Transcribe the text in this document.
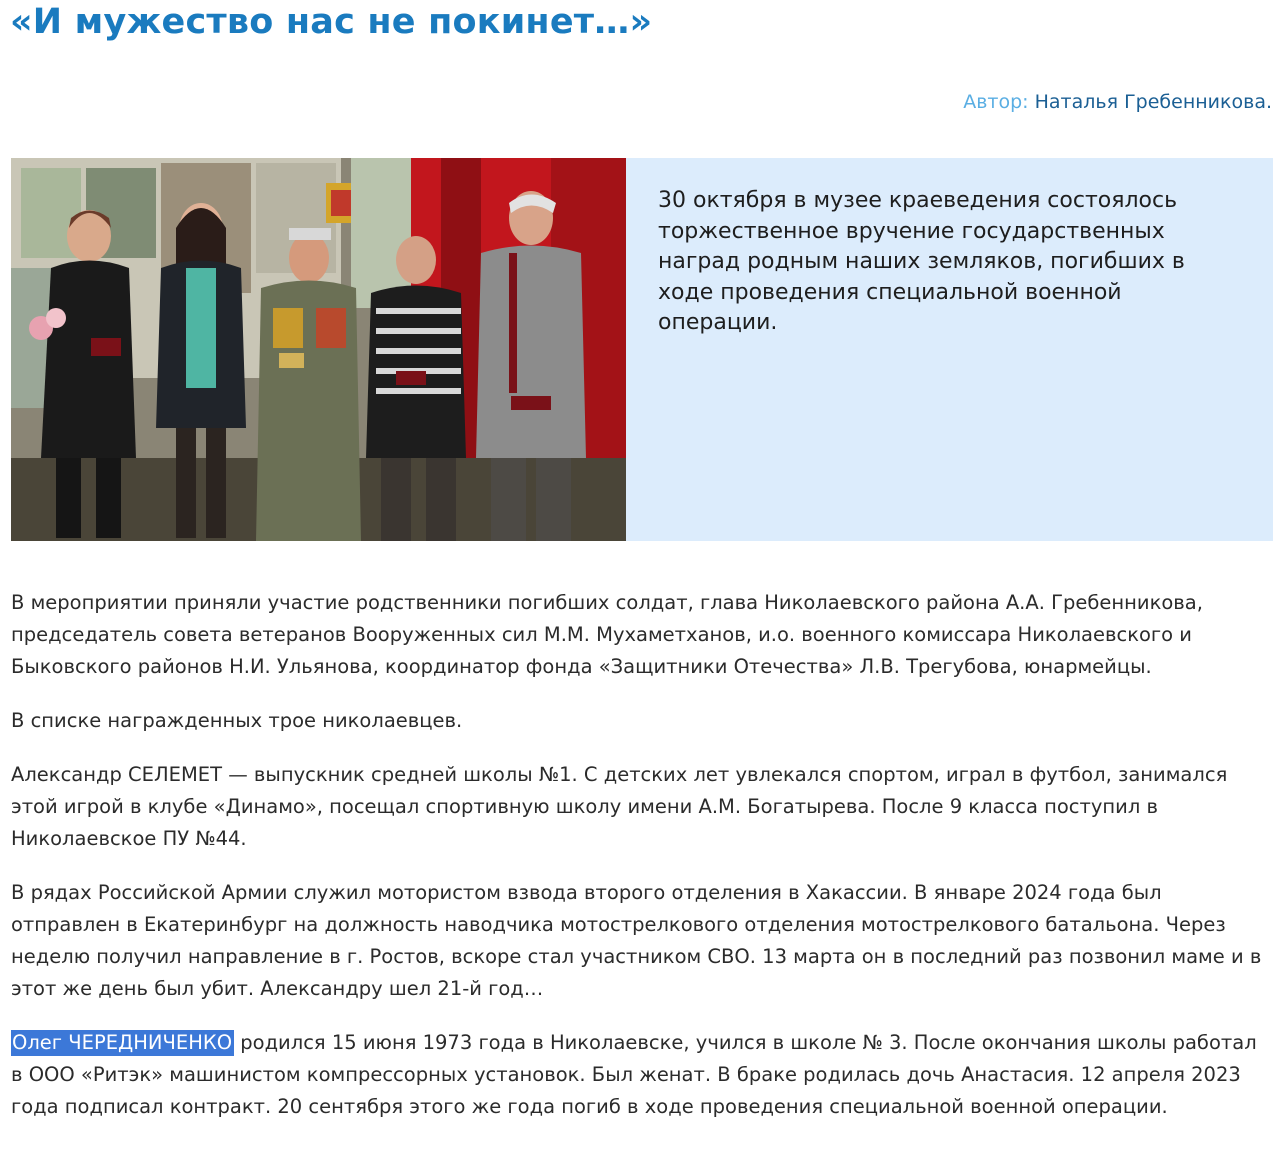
«И мужество нас не покинет…»
Автор: Наталья Гребенникова.

30 октября в музее краеведения состоялось торжественное вручение государственных наград родным наших земляков, погибших в ходе проведения специальной военной операции.

В мероприятии приняли участие родственники погибших солдат, глава Николаевского района А.А. Гребенникова, председатель совета ветеранов Вооруженных сил М.М. Мухаметханов, и.о. военного комиссара Николаевского и Быковского районов Н.И. Ульянова, координатор фонда «Защитники Отечества» Л.В. Трегубова, юнармейцы.

В списке награжденных трое николаевцев.

Александр СЕЛЕМЕТ — выпускник средней школы №1. С детских лет увлекался спортом, играл в футбол, занимался этой игрой в клубе «Динамо», посещал спортивную школу имени А.М. Богатырева. После 9 класса поступил в Николаевское ПУ №44.

В рядах Российской Армии служил мотористом взвода второго отделения в Хакассии. В январе 2024 года был отправлен в Екатеринбург на должность наводчика мотострелкового отделения мотострелкового батальона. Через неделю получил направление в г. Ростов, вскоре стал участником СВО. 13 марта он в последний раз позвонил маме и в этот же день был убит. Александру шел 21-й год…

Олег ЧЕРЕДНИЧЕНКО родился 15 июня 1973 года в Николаевске, учился в школе № 3. После окончания школы работал в ООО «Ритэк» машинистом компрессорных установок. Был женат. В браке родилась дочь Анастасия. 12 апреля 2023 года подписал контракт. 20 сентября этого же года погиб в ходе проведения специальной военной операции.
